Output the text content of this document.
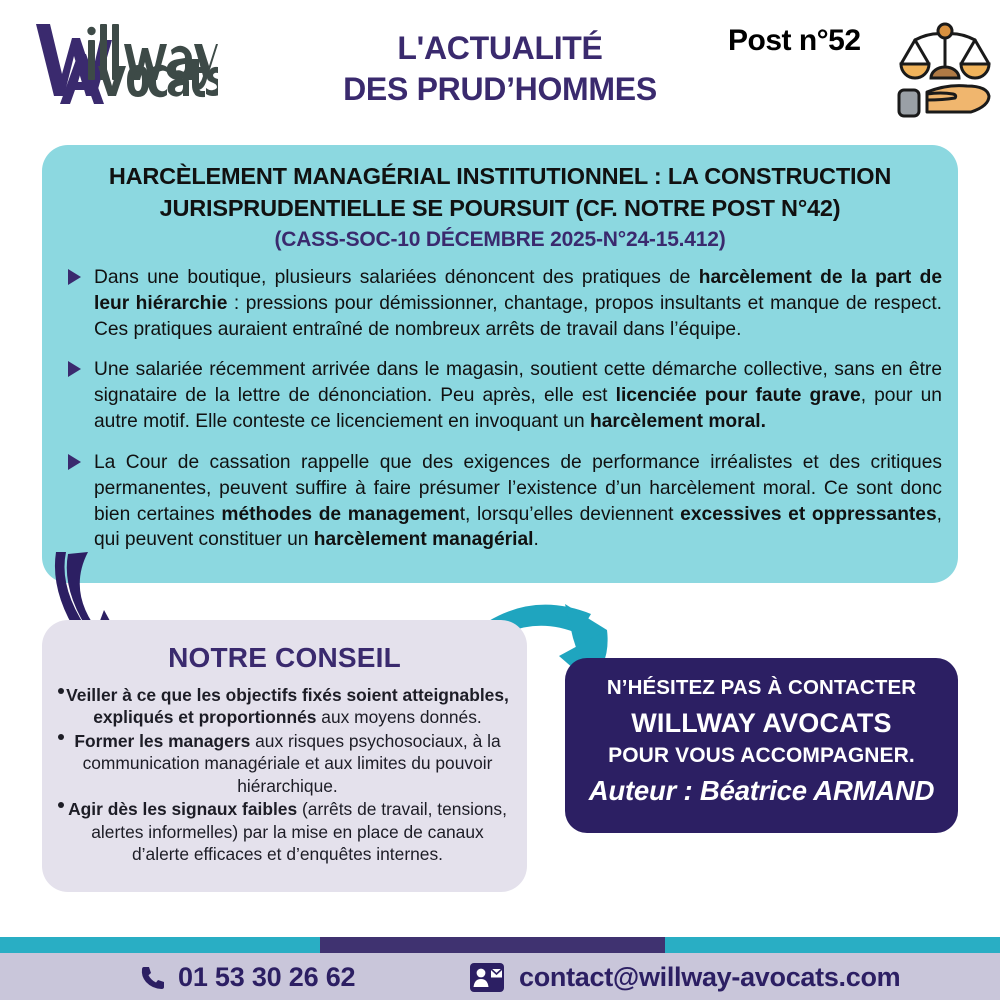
L'ACTUALITÉ
DES PRUD’HOMMES
Post n°52
HARCÈLEMENT MANAGÉRIAL INSTITUTIONNEL : LA CONSTRUCTION
JURISPRUDENTIELLE SE POURSUIT (CF. NOTRE POST N°42)
(CASS-SOC-10 DÉCEMBRE 2025-N°24-15.412)
Dans une boutique, plusieurs salariées dénoncent des pratiques de harcèlement de la part de leur hiérarchie : pressions pour démissionner, chantage, propos insultants et manque de respect. Ces pratiques auraient entraîné de nombreux arrêts de travail dans l’équipe.
Une salariée récemment arrivée dans le magasin, soutient cette démarche collective, sans en être signataire de la lettre de dénonciation. Peu après, elle est licenciée pour faute grave, pour un autre motif. Elle conteste ce licenciement en invoquant un harcèlement moral.
La Cour de cassation rappelle que des exigences de performance irréalistes et des critiques permanentes, peuvent suffire à faire présumer l’existence d’un harcèlement moral. Ce sont donc bien certaines méthodes de management, lorsqu’elles deviennent excessives et oppressantes, qui peuvent constituer un harcèlement managérial.
NOTRE CONSEIL
Veiller à ce que les objectifs fixés soient atteignables, expliqués et proportionnés aux moyens donnés.
Former les managers aux risques psychosociaux, à la communication managériale et aux limites du pouvoir hiérarchique.
Agir dès les signaux faibles (arrêts de travail, tensions, alertes informelles) par la mise en place de canaux d’alerte efficaces et d’enquêtes internes.
N’HÉSITEZ PAS À CONTACTER
WILLWAY AVOCATS
POUR VOUS ACCOMPAGNER.
Auteur : Béatrice ARMAND
01 53 30 26 62	contact@willway-avocats.com
